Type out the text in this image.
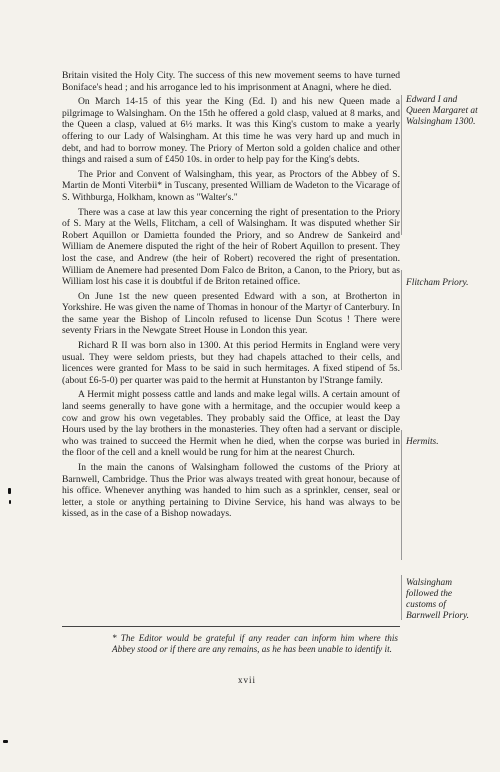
Britain visited the Holy City. The success of this new movement seems to have turned Boniface's head ; and his arrogance led to his imprisonment at Anagni, where he died.

On March 14-15 of this year the King (Ed. I) and his new Queen made a pilgrimage to Walsingham. On the 15th he offered a gold clasp, valued at 8 marks, and the Queen a clasp, valued at 6½ marks. It was this King's custom to make a yearly offering to our Lady of Walsingham. At this time he was very hard up and much in debt, and had to borrow money. The Priory of Merton sold a golden chalice and other things and raised a sum of £450 10s. in order to help pay for the King's debts.

The Prior and Convent of Walsingham, this year, as Proctors of the Abbey of S. Martin de Monti Viterbii* in Tuscany, presented William de Wadeton to the Vicarage of S. Withburga, Holkham, known as "Walter's."

There was a case at law this year concerning the right of presentation to the Priory of S. Mary at the Wells, Flitcham, a cell of Walsingham. It was disputed whether Sir Robert Aquillon or Damietta founded the Priory, and so Andrew de Sankeird and William de Anemere disputed the right of the heir of Robert Aquillon to present. They lost the case, and Andrew (the heir of Robert) recovered the right of presentation. William de Anemere had presented Dom Falco de Briton, a Canon, to the Priory, but as William lost his case it is doubtful if de Briton retained office.

On June 1st the new queen presented Edward with a son, at Brotherton in Yorkshire. He was given the name of Thomas in honour of the Martyr of Canterbury. In the same year the Bishop of Lincoln refused to license Dun Scotus ! There were seventy Friars in the Newgate Street House in London this year.

Richard R II was born also in 1300. At this period Hermits in England were very usual. They were seldom priests, but they had chapels attached to their cells, and licences were granted for Mass to be said in such hermitages. A fixed stipend of 5s. (about £6-5-0) per quarter was paid to the hermit at Hunstanton by l'Strange family.

A Hermit might possess cattle and lands and make legal wills. A certain amount of land seems generally to have gone with a hermitage, and the occupier would keep a cow and grow his own vegetables. They probably said the Office, at least the Day Hours used by the lay brothers in the monasteries. They often had a servant or disciple who was trained to succeed the Hermit when he died, when the corpse was buried in the floor of the cell and a knell would be rung for him at the nearest Church.

In the main the canons of Walsingham followed the customs of the Priory at Barnwell, Cambridge. Thus the Prior was always treated with great honour, because of his office. Whenever anything was handed to him such as a sprinkler, censer, seal or letter, a stole or anything pertaining to Divine Service, his hand was always to be kissed, as in the case of a Bishop nowadays.

Edward I and Queen Margaret at Walsingham 1300.
Flitcham Priory.
Hermits.
Walsingham followed the customs of Barnwell Priory.
* The Editor would be grateful if any reader can inform him where this Abbey stood or if there are any remains, as he has been unable to identify it.
xvii
